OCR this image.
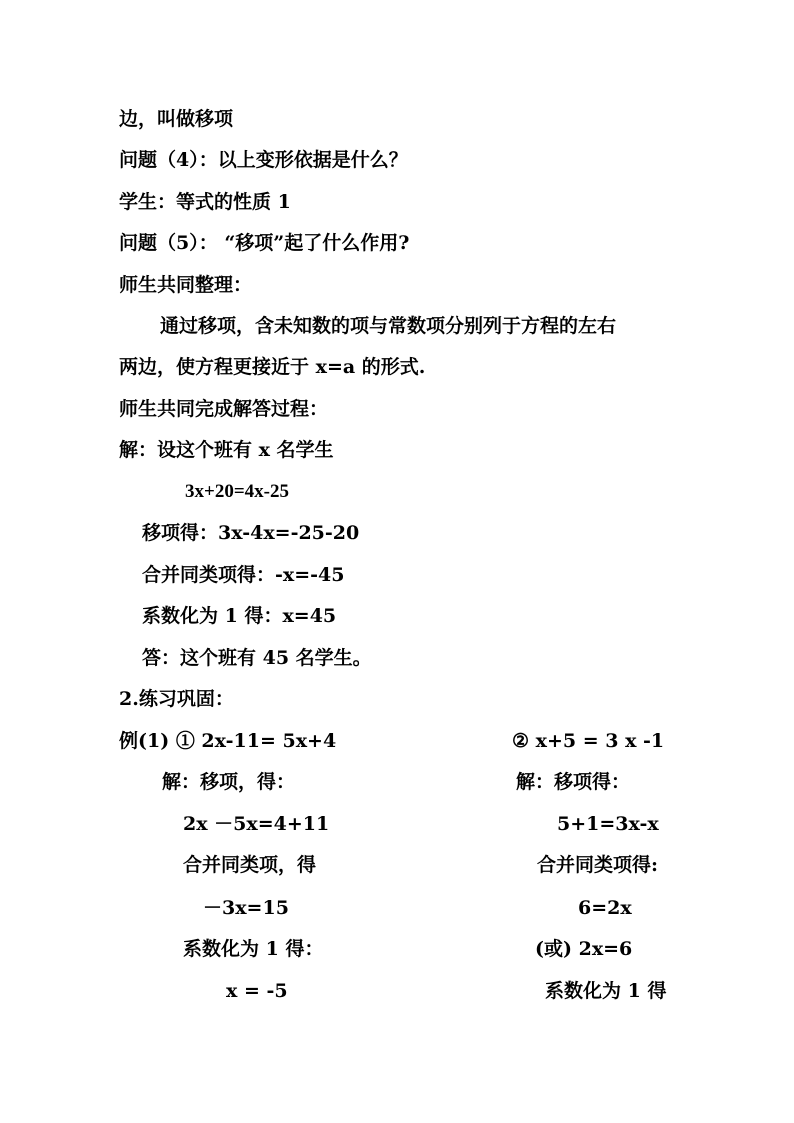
边，叫做移项
问题（4）：以上变形依据是什么？
学生：等式的性质 1
问题（5）： “移项”起了什么作用?
师生共同整理：
通过移项，含未知数的项与常数项分别列于方程的左右
两边，使方程更接近于 x=a 的形式.
师生共同完成解答过程：
解：设这个班有 x 名学生
3x+20=4x-25
移项得：3x-4x=-25-20
合并同类项得：-x=-45
系数化为 1 得：x=45
答：这个班有 45 名学生。
2.练习巩固：
例(1) ① 2x-11= 5x+4
解：移项，得：
2x －5x=4+11
合并同类项，得
－3x=15
系数化为 1 得：
x = -5
② x+5 = 3 x -1
解：移项得：
5+1=3x-x
合并同类项得:
6=2x
(或) 2x=6
系数化为 1 得
